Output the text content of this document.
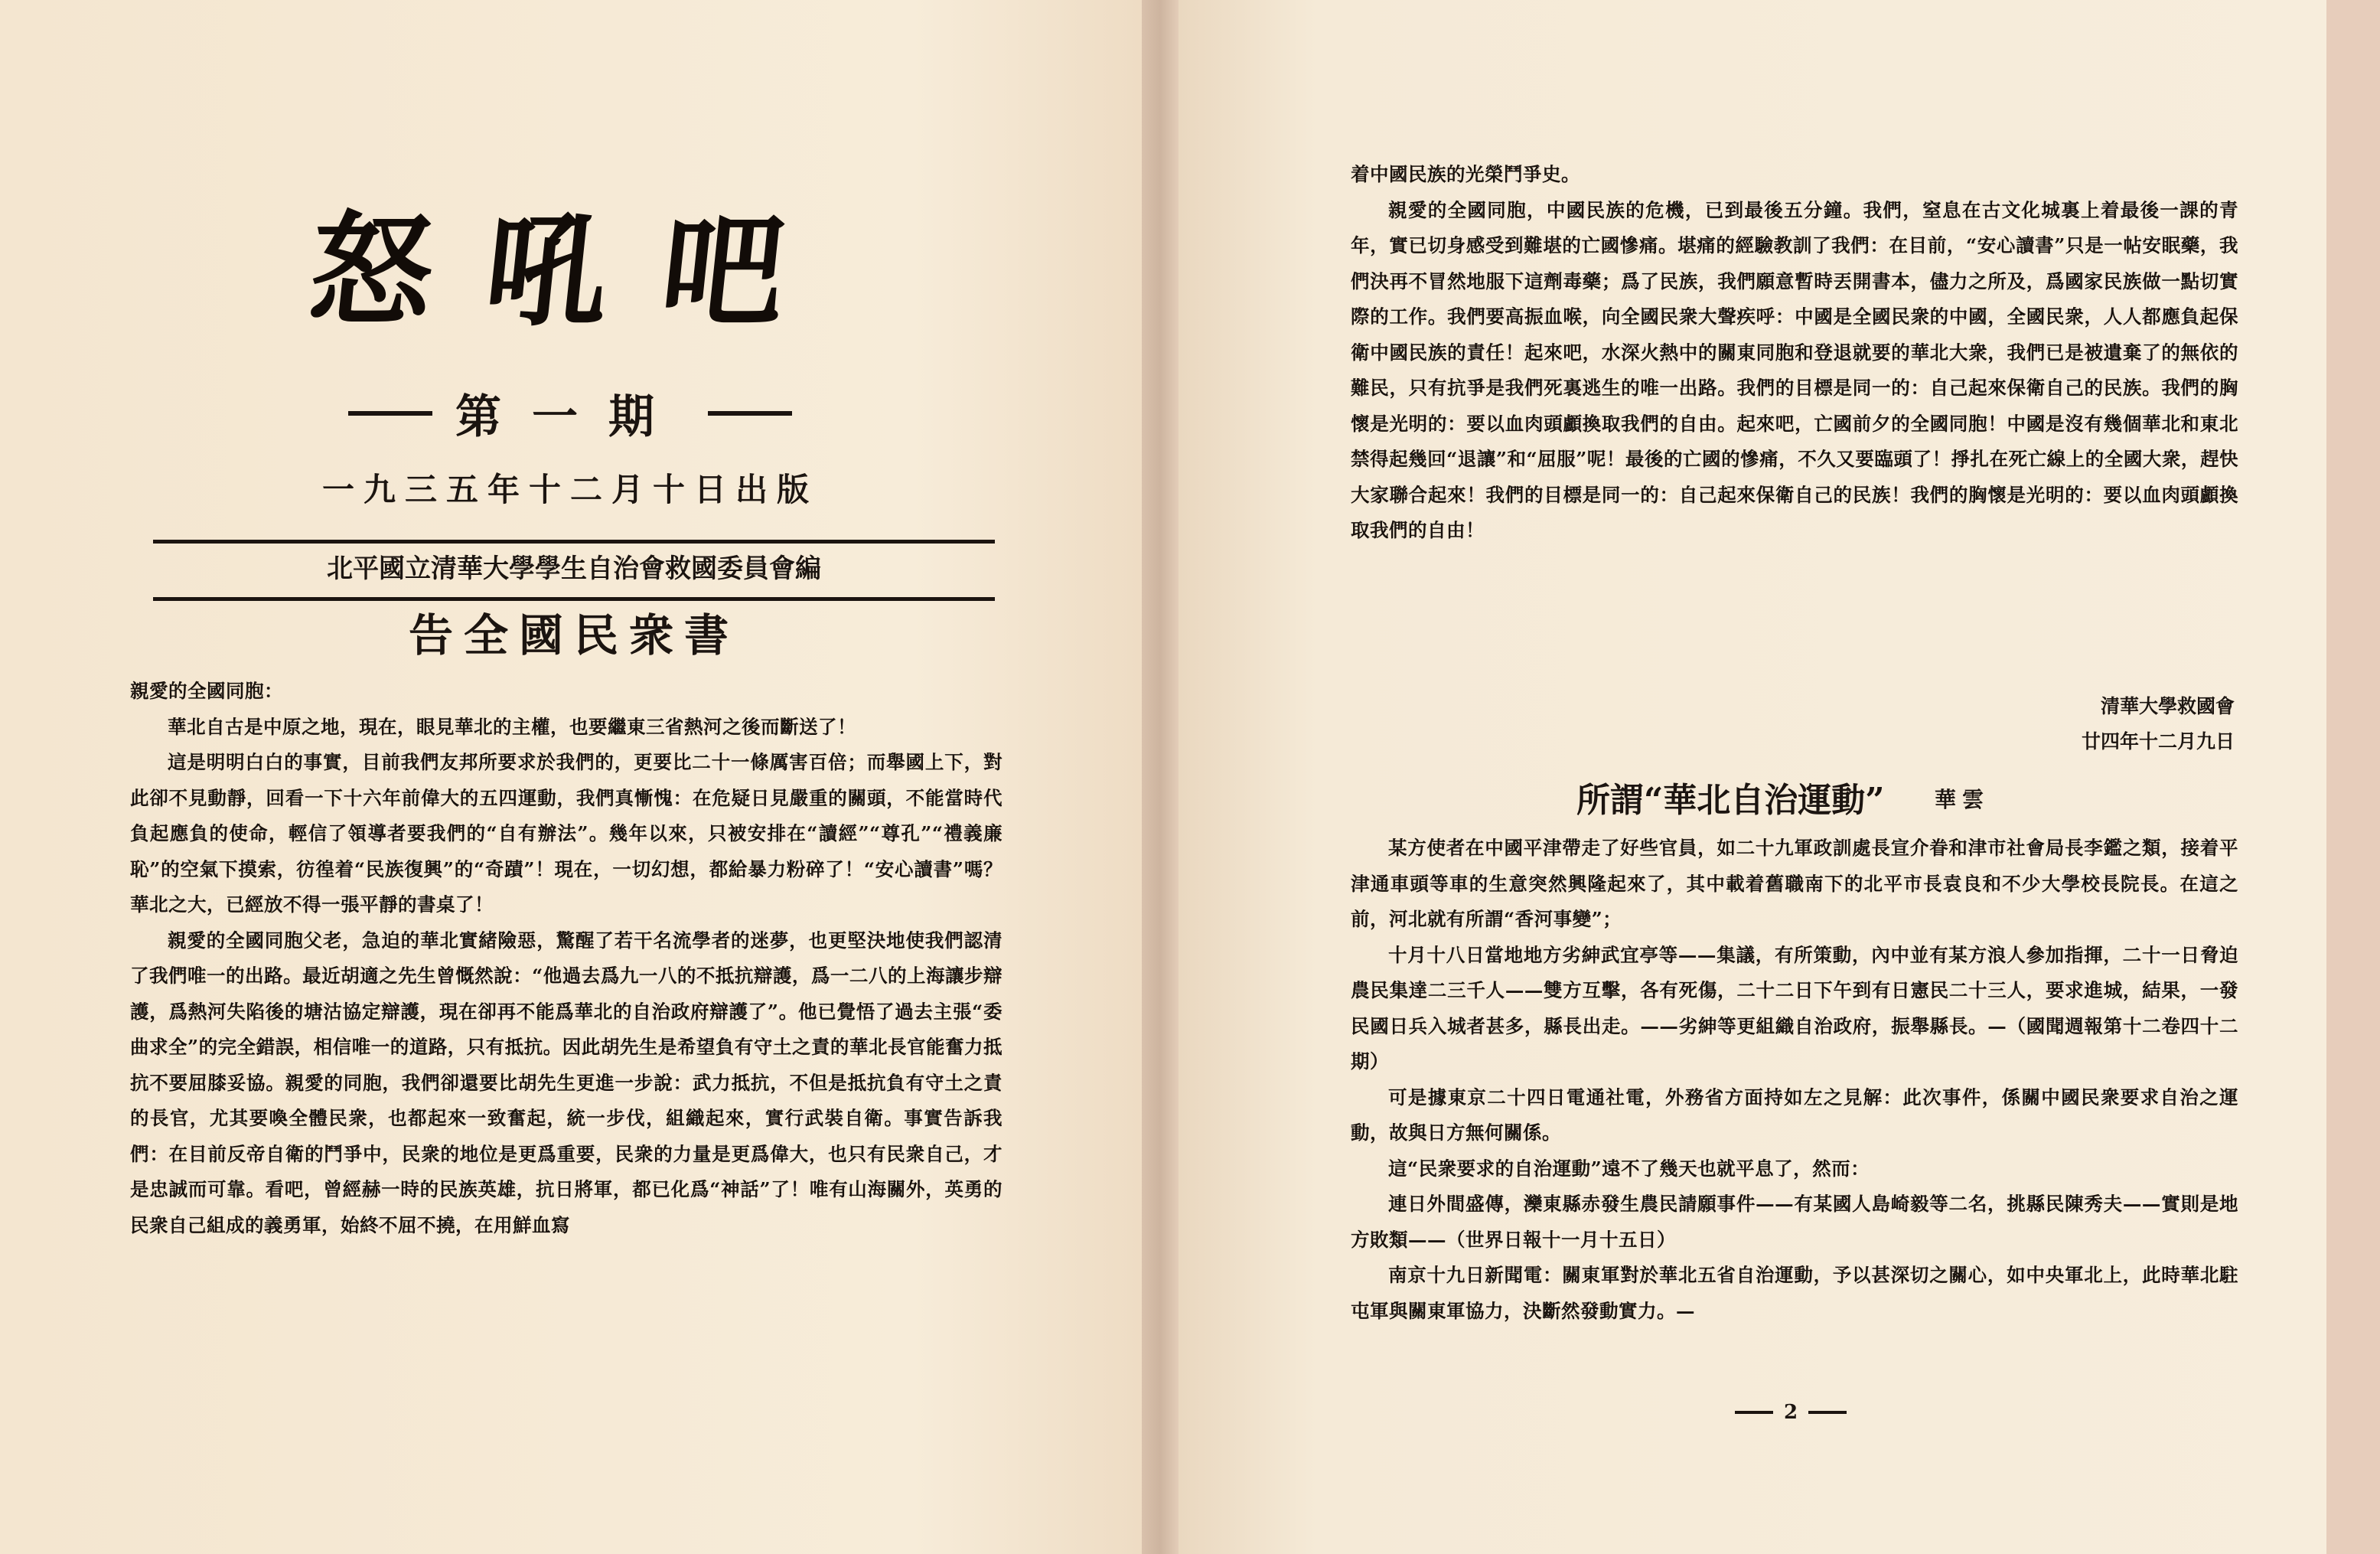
怒吼吧
第一期
一九三五年十二月十日出版
北平國立清華大學學生自治會救國委員會編
告全國民衆書

親愛的全國同胞：

華北自古是中原之地，現在，眼見華北的主權，也要繼東三省熱河之後而斷送了！

這是明明白白的事實，目前我們友邦所要求於我們的，更要比二十一條厲害百倍；而舉國上下，對此卻不見動靜，回看一下十六年前偉大的五四運動，我們真慚愧：在危疑日見嚴重的關頭，不能當時代負起應負的使命，輕信了領導者要我們的“自有辦法”。幾年以來，只被安排在“讀經”“尊孔”“禮義廉恥”的空氣下摸索，彷徨着“民族復興”的“奇蹟”！現在，一切幻想，都給暴力粉碎了！“安心讀書”嗎？華北之大，已經放不得一張平靜的書桌了！

親愛的全國同胞父老，急迫的華北實緒險惡，驚醒了若干名流學者的迷夢，也更堅決地使我們認清了我們唯一的出路。最近胡適之先生曾慨然說：“他過去爲九一八的不抵抗辯護，爲一二八的上海讓步辯護，爲熱河失陷後的塘沽協定辯護，現在卻再不能爲華北的自治政府辯護了”。他已覺悟了過去主張“委曲求全”的完全錯誤，相信唯一的道路，只有抵抗。因此胡先生是希望負有守土之責的華北長官能奮力抵抗不要屈膝妥協。親愛的同胞，我們卻還要比胡先生更進一步說：武力抵抗，不但是抵抗負有守土之責的長官，尤其要喚全體民衆，也都起來一致奮起，統一步伐，組織起來，實行武裝自衛。事實告訴我們：在目前反帝自衛的鬥爭中，民衆的地位是更爲重要，民衆的力量是更爲偉大，也只有民衆自己，才是忠誠而可靠。看吧，曾經赫一時的民族英雄，抗日將軍，都已化爲“神話”了！唯有山海關外，英勇的民衆自己組成的義勇軍，始終不屈不撓，在用鮮血寫

着中國民族的光榮鬥爭史。

親愛的全國同胞，中國民族的危機，已到最後五分鐘。我們，窒息在古文化城裏上着最後一課的青年，實已切身感受到難堪的亡國慘痛。堪痛的經驗教訓了我們：在目前，“安心讀書”只是一帖安眠藥，我們決再不冒然地服下這劑毒藥；爲了民族，我們願意暫時丟開書本，儘力之所及，爲國家民族做一點切實際的工作。我們要高振血喉，向全國民衆大聲疾呼：中國是全國民衆的中國，全國民衆，人人都應負起保衛中國民族的責任！起來吧，水深火熱中的關東同胞和登退就要的華北大衆，我們已是被遺棄了的無依的難民，只有抗爭是我們死裏逃生的唯一出路。我們的目標是同一的：自己起來保衛自己的民族。我們的胸懷是光明的：要以血肉頭顱換取我們的自由。起來吧，亡國前夕的全國同胞！中國是沒有幾個華北和東北禁得起幾回“退讓”和“屈服”呢！最後的亡國的慘痛，不久又要臨頭了！掙扎在死亡線上的全國大衆，趕快大家聯合起來！我們的目標是同一的：自己起來保衛自己的民族！我們的胸懷是光明的：要以血肉頭顱換取我們的自由！

清華大學救國會
廿四年十二月九日
所謂“華北自治運動” 華雲

某方使者在中國平津帶走了好些官員，如二十九軍政訓處長宣介眷和津市社會局長李鑑之類，接着平津通車頭等車的生意突然興隆起來了，其中載着舊職南下的北平市長袁良和不少大學校長院長。在這之前，河北就有所謂“香河事變”；

十月十八日當地地方劣紳武宜亭等——集議，有所策動，內中並有某方浪人參加指揮，二十一日脅迫農民集達二三千人——雙方互擊，各有死傷，二十二日下午到有日憲民二十三人，要求進城，結果，一發民國日兵入城者甚多，縣長出走。——劣紳等更組織自治政府，振舉縣長。—（國聞週報第十二卷四十二期）

可是據東京二十四日電通社電，外務省方面持如左之見解：此次事件，係關中國民衆要求自治之運動，故與日方無何關係。

這“民衆要求的自治運動”遠不了幾天也就平息了，然而：

連日外間盛傳，灤東縣赤發生農民請願事件——有某國人島崎毅等二名，挑縣民陳秀夫——實則是地方敗類——（世界日報十一月十五日）

南京十九日新聞電：關東軍對於華北五省自治運動，予以甚深切之關心，如中央軍北上，此時華北駐屯軍與關東軍協力，決斷然發動實力。—

2
